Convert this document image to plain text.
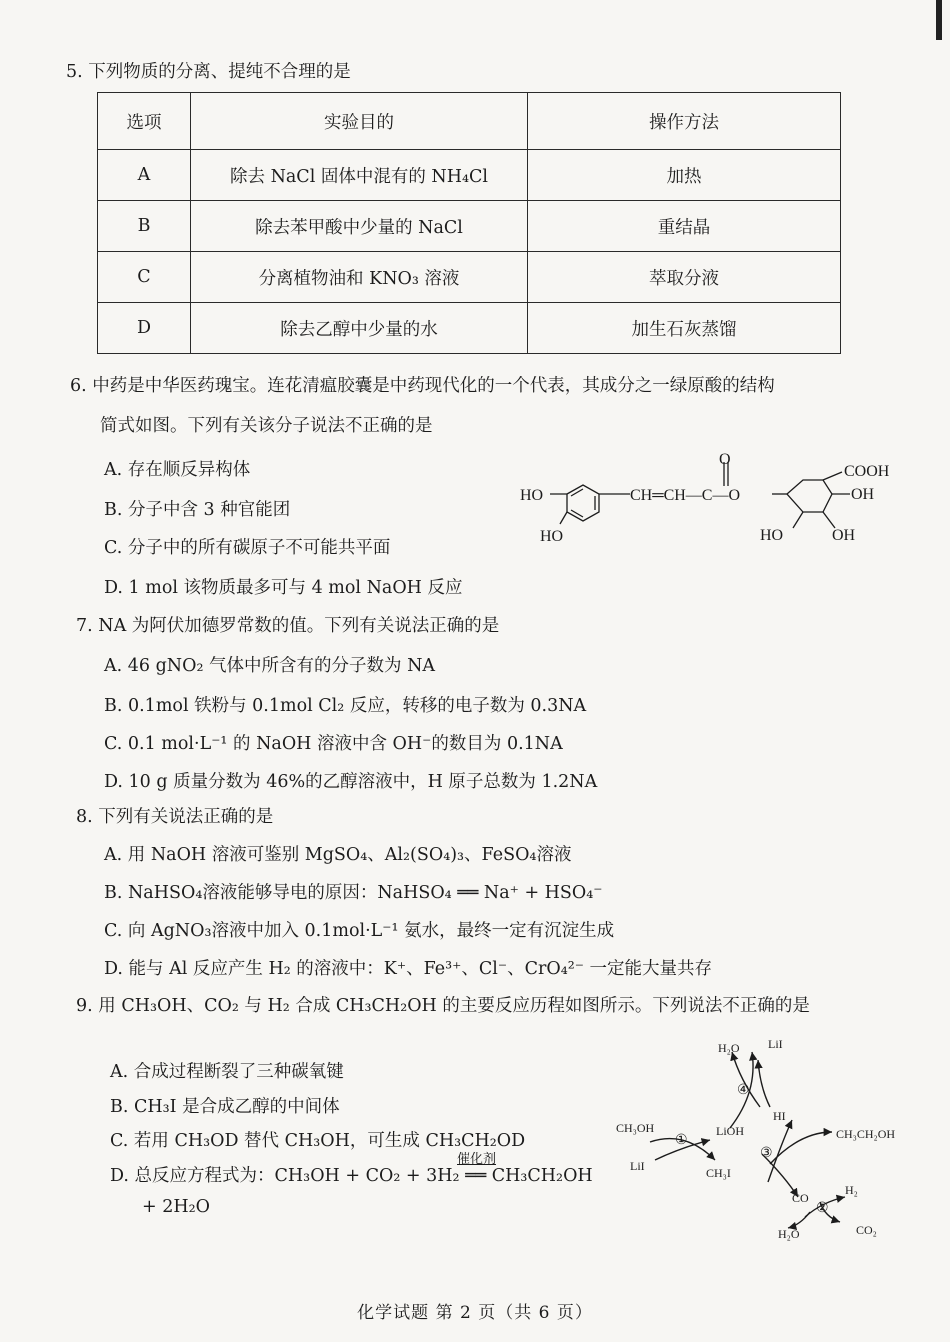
5. 下列物质的分离、提纯不合理的是
选项	实验目的	操作方法
A	除去 NaCl 固体中混有的 NH₄Cl	加热
B	除去苯甲酸中少量的 NaCl	重结晶
C	分离植物油和 KNO₃ 溶液	萃取分液
D	除去乙醇中少量的水	加生石灰蒸馏
6. 中药是中华医药瑰宝。连花清瘟胶囊是中药现代化的一个代表，其成分之一绿原酸的结构
简式如图。下列有关该分子说法不正确的是
A. 存在顺反异构体
B. 分子中含 3 种官能团
C. 分子中的所有碳原子不可能共平面
D. 1 mol 该物质最多可与 4 mol NaOH 反应
O
COOH
OH
HO	CH═CH—C—O
HO	HO	OH
7. NA 为阿伏加德罗常数的值。下列有关说法正确的是
A. 46 gNO₂ 气体中所含有的分子数为 NA
B. 0.1mol 铁粉与 0.1mol Cl₂ 反应，转移的电子数为 0.3NA
C. 0.1 mol·L⁻¹ 的 NaOH 溶液中含 OH⁻的数目为 0.1NA
D. 10 g 质量分数为 46%的乙醇溶液中，H 原子总数为 1.2NA
8. 下列有关说法正确的是
A. 用 NaOH 溶液可鉴别 MgSO₄、Al₂(SO₄)₃、FeSO₄溶液
B. NaHSO₄溶液能够导电的原因：NaHSO₄ ══ Na⁺ + HSO₄⁻
C. 向 AgNO₃溶液中加入 0.1mol·L⁻¹ 氨水，最终一定有沉淀生成
D. 能与 Al 反应产生 H₂ 的溶液中：K⁺、Fe³⁺、Cl⁻、CrO₄²⁻ 一定能大量共存
9. 用 CH₃OH、CO₂ 与 H₂ 合成 CH₃CH₂OH 的主要反应历程如图所示。下列说法不正确的是
A. 合成过程断裂了三种碳氧键
B. CH₃I 是合成乙醇的中间体
C. 若用 CH₃OD 替代 CH₃OH，可生成 CH₃CH₂OD
D. 总反应方程式为：CH₃OH + CO₂ + 3H₂ ══ CH₃CH₂OH
催化剂
+ 2H₂O
H₂O LiI
④
HI
CH₃OH
①
LiOH
③
CH₃CH₂OH
LiI	CH₃I
CO
H₂
②
H₂O	CO₂
化学试题 第 2 页（共 6 页）
